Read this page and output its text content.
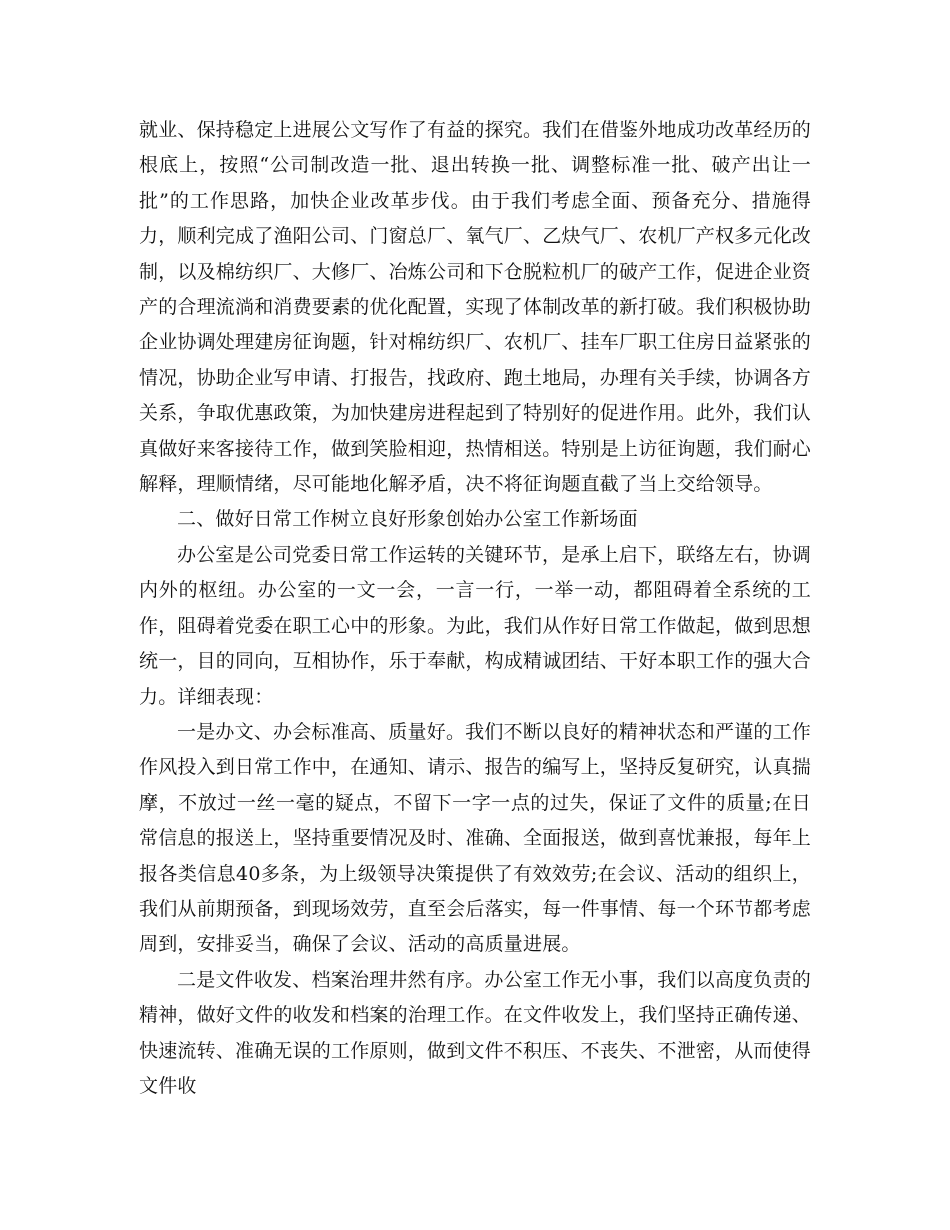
就业、保持稳定上进展公文写作了有益的探究。我们在借鉴外地成功改革经历的根底上，按照“公司制改造一批、退出转换一批、调整标准一批、破产出让一批”的工作思路，加快企业改革步伐。由于我们考虑全面、预备充分、措施得力，顺利完成了渔阳公司、门窗总厂、氧气厂、乙炔气厂、农机厂产权多元化改制，以及棉纺织厂、大修厂、冶炼公司和下仓脱粒机厂的破产工作，促进企业资产的合理流淌和消费要素的优化配置，实现了体制改革的新打破。我们积极协助企业协调处理建房征询题，针对棉纺织厂、农机厂、挂车厂职工住房日益紧张的情况，协助企业写申请、打报告，找政府、跑土地局，办理有关手续，协调各方关系，争取优惠政策，为加快建房进程起到了特别好的促进作用。此外，我们认真做好来客接待工作，做到笑脸相迎，热情相送。特别是上访征询题，我们耐心解释，理顺情绪，尽可能地化解矛盾，决不将征询题直截了当上交给领导。

二、做好日常工作树立良好形象创始办公室工作新场面

办公室是公司党委日常工作运转的关键环节，是承上启下，联络左右，协调内外的枢纽。办公室的一文一会，一言一行，一举一动，都阻碍着全系统的工作，阻碍着党委在职工心中的形象。为此，我们从作好日常工作做起，做到思想统一，目的同向，互相协作，乐于奉献，构成精诚团结、干好本职工作的强大合力。详细表现：

一是办文、办会标准高、质量好。我们不断以良好的精神状态和严谨的工作作风投入到日常工作中，在通知、请示、报告的编写上，坚持反复研究，认真揣摩，不放过一丝一毫的疑点，不留下一字一点的过失，保证了文件的质量;在日常信息的报送上，坚持重要情况及时、准确、全面报送，做到喜忧兼报，每年上报各类信息40多条，为上级领导决策提供了有效效劳;在会议、活动的组织上，我们从前期预备，到现场效劳，直至会后落实，每一件事情、每一个环节都考虑周到，安排妥当，确保了会议、活动的高质量进展。

二是文件收发、档案治理井然有序。办公室工作无小事，我们以高度负责的精神，做好文件的收发和档案的治理工作。在文件收发上，我们坚持正确传递、快速流转、准确无误的工作原则，做到文件不积压、不丧失、不泄密，从而使得文件收
